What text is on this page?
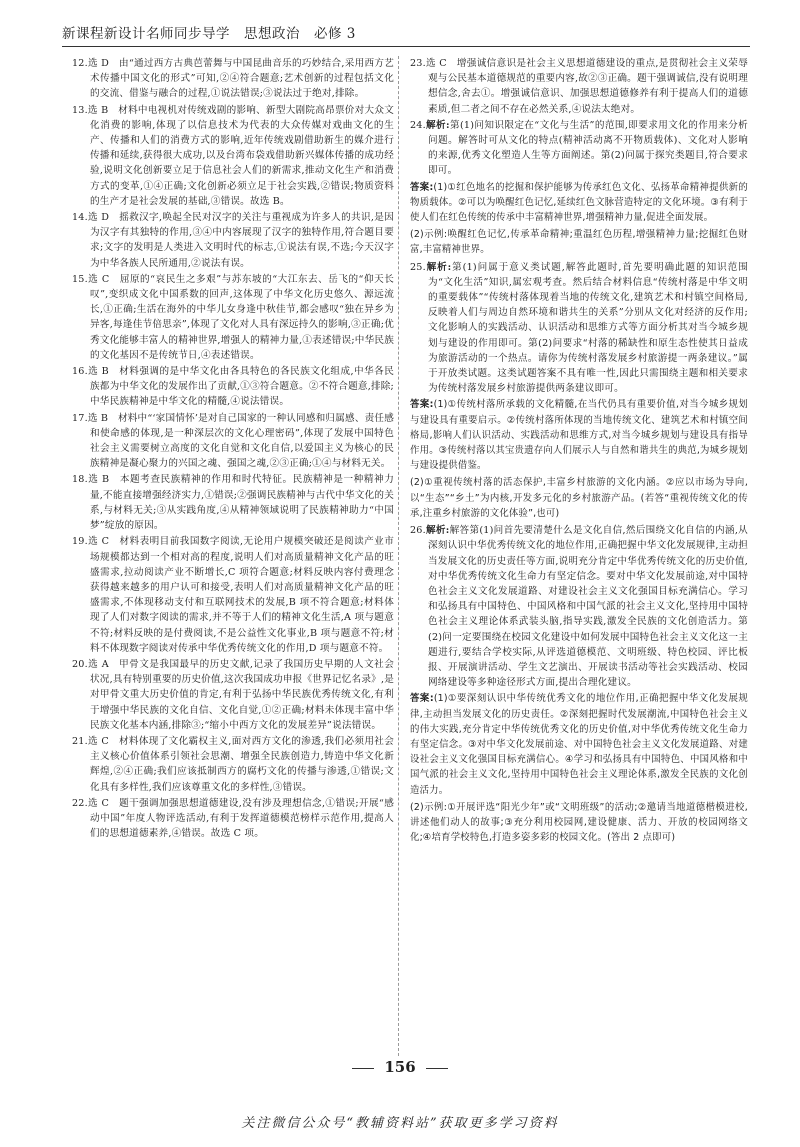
新课程新设计名师同步导学　思想政治　必修 3

12.选 D　由“通过西方古典芭蕾舞与中国昆曲音乐的巧妙结合,采用西方艺术传播中国文化的形式”可知,②④符合题意;艺术创新的过程包括文化的交流、借鉴与融合的过程,①说法错误;③说法过于绝对,排除。

13.选 B　材料中电视机对传统戏剧的影响、新型大剧院高昂票价对大众文化消费的影响,体现了以信息技术为代表的大众传媒对戏曲文化的生产、传播和人们的消费方式的影响,近年传统戏剧借助新生的媒介进行传播和延续,获得很大成功,以及台湾布袋戏借助新兴媒体传播的成功经验,说明文化创新要立足于信息社会人们的新需求,推动文化生产和消费方式的变革,①④正确;文化创新必须立足于社会实践,②错误;物质资料的生产才是社会发展的基础,③错误。故选 B。

14.选 D　摇救汉字,唤起全民对汉字的关注与重视成为许多人的共识,是因为汉字有其独特的作用,③④中内容展现了汉字的独特作用,符合题目要求;文字的发明是人类进入文明时代的标志,①说法有误,不选;今天汉字为中华各族人民所通用,②说法有误。

15.选 C　屈原的“哀民生之多艰”与苏东坡的“大江东去、岳飞的“仰天长叹”,变织成文化中国系数的回声,这体现了中华文化历史悠久、源远流长,①正确;生活在海外的中华儿女身逢中秋佳节,都会感叹“独在异乡为异客,每逢佳节倍思亲”,体现了文化对人具有深远持久的影响,③正确;优秀文化能够丰富人的精神世界,增强人的精神力量,①表述错误;中华民族的文化基因不是传统节日,④表述错误。

16.选 B　材料强调的是中华文化由各具特色的各民族文化组成,中华各民族都为中华文化的发展作出了贡献,①③符合题意。②不符合题意,排除;中华民族精神是中华文化的精髓,④说法错误。

17.选 B　材料中“‘家国情怀’是对自己国家的一种认同感和归属感、责任感和使命感的体现,是一种深层次的文化心理密码”,体现了发展中国特色社会主义需要树立高度的文化自觉和文化自信,以爱国主义为核心的民族精神是凝心聚力的兴国之魂、强国之魂,②③正确;①④与材料无关。

18.选 B　本题考查民族精神的作用和时代特征。民族精神是一种精神力量,不能直接增强经济实力,①错误;②强调民族精神与古代中华文化的关系,与材料无关;③从实践角度,④从精神领域说明了民族精神助力“中国梦”绽放的原因。

19.选 C　材料表明目前我国数字阅读,无论用户规模突破还是阅读产业市场规模都达到一个相对高的程度,说明人们对高质量精神文化产品的旺盛需求,拉动阅读产业不断增长,C 项符合题意;材料反映内容付费理念获得越来越多的用户认可和接受,表明人们对高质量精神文化产品的旺盛需求,不体现移动支付和互联网技术的发展,B 项不符合题意;材料体现了人们对数字阅读的需求,并不等于人们的精神文化生活,A 项与题意不符;材料反映的是付费阅读,不是公益性文化事业,B 项与题意不符;材料不体现数字阅读对传承中华优秀传统文化的作用,D 项与题意不符。

20.选 A　甲骨文是我国最早的历史文献,记录了我国历史早期的人文社会状况,具有特别重要的历史价值,这次我国成功申报《世界记忆名录》,是对甲骨文重大历史价值的肯定,有利于弘扬中华民族优秀传统文化,有利于增强中华民族的文化自信、文化自觉,①②正确;材料未体现丰富中华民族文化基本内涵,排除③;“缩小中西方文化的发展差异”说法错误。

21.选 C　材料体现了文化霸权主义,面对西方文化的渗透,我们必须用社会主义核心价值体系引领社会思潮、增强全民族创造力,铸造中华文化新辉煌,②④正确;我们应该抵制西方的腐朽文化的传播与渗透,①错误;文化具有多样性,我们应该尊重文化的多样性,③错误。

22.选 C　题干强调加强思想道德建设,没有涉及理想信念,①错误;开展“感动中国”年度人物评选活动,有利于发挥道德模范榜样示范作用,提高人们的思想道德素养,④错误。故选 C 项。

23.选 C　增强诚信意识是社会主义思想道德建设的重点,是贯彻社会主义荣辱观与公民基本道德规范的重要内容,故②③正确。题干强调诚信,没有说明理想信念,舍去①。增强诚信意识、加强思想道德修养有利于提高人们的道德素质,但二者之间不存在必然关系,④说法太绝对。

24.解析:第(1)问知识限定在“文化与生活”的范围,即要求用文化的作用来分析问题。解答时可从文化的特点(精神活动离不开物质载体)、文化对人影响的来源,优秀文化塑造人生等方面阐述。第(2)问属于探究类题目,符合要求即可。

答案:(1)①红色地名的挖掘和保护能够为传承红色文化、弘扬革命精神提供新的物质载体。②可以为唤醒红色记忆,延续红色文脉营造特定的文化环境。③有利于使人们在红色传统的传承中丰富精神世界,增强精神力量,促进全面发展。

(2)示例:唤醒红色记忆,传承革命精神;重温红色历程,增强精神力量;挖掘红色财富,丰富精神世界。

25.解析:第(1)问属于意义类试题,解答此题时,首先要明确此题的知识范围为“文化生活”知识,属宏观考查。然后结合材料信息“传统村落是中华文明的重要载体”“传统村落体现着当地的传统文化,建筑艺术和村镇空间格局,反映着人们与周边自然环境和谐共生的关系”分别从文化对经济的反作用;文化影响人的实践活动、认识活动和思维方式等方面分析其对当今城乡规划与建设的作用即可。第(2)问要求“村落的稀缺性和原生态性使其日益成为旅游活动的一个热点。请你为传统村落发展乡村旅游提一两条建议。”属于开放类试题。这类试题答案不具有唯一性,因此只需围绕主题和相关要求为传统村落发展乡村旅游提供两条建议即可。

答案:(1)①传统村落所承载的文化精髓,在当代仍具有重要价值,对当今城乡规划与建设具有重要启示。②传统村落所体现的当地传统文化、建筑艺术和村镇空间格局,影响人们认识活动、实践活动和思维方式,对当今城乡规划与建设具有指导作用。③传统村落以其宝贵遗存向人们展示人与自然和谐共生的典范,为城乡规划与建设提供借鉴。

(2)①重视传统村落的活态保护,丰富乡村旅游的文化内涵。②应以市场为导向,以“生态”“乡土”为内核,开发多元化的乡村旅游产品。(若答“重视传统文化的传承,注重乡村旅游的文化体验”,也可)

26.解析:解答第(1)问首先要清楚什么是文化自信,然后围绕文化自信的内涵,从深刻认识中华优秀传统文化的地位作用,正确把握中华文化发展规律,主动担当发展文化的历史责任等方面,说明充分肯定中华优秀传统文化的历史价值,对中华优秀传统文化生命力有坚定信念。要对中华文化发展前途,对中国特色社会主义文化发展道路、对建设社会主义文化强国目标充满信心。学习和弘扬具有中国特色、中国风格和中国气派的社会主义文化,坚持用中国特色社会主义理论体系武装头脑,指导实践,激发全民族的文化创造活力。第(2)问一定要围绕在校园文化建设中如何发展中国特色社会主义文化这一主题进行,要结合学校实际,从评选道德模范、文明班级、特色校园、评比板报、开展演讲活动、学生文艺演出、开展读书活动等社会实践活动、校园网络建设等多种途径形式方面,提出合理化建议。

答案:(1)①要深刻认识中华传统优秀文化的地位作用,正确把握中华文化发展规律,主动担当发展文化的历史责任。②深刻把握时代发展潮流,中国特色社会主义的伟大实践,充分肯定中华传统优秀文化的历史价值,对中华优秀传统文化生命力有坚定信念。③对中华文化发展前途、对中国特色社会主义文化发展道路、对建设社会主义文化强国目标充满信心。④学习和弘扬具有中国特色、中国风格和中国气派的社会主义文化,坚持用中国特色社会主义理论体系,激发全民族的文化创造活力。

(2)示例:①开展评选“阳光少年”或“文明班级”的活动;②邀请当地道德楷模进校,讲述他们动人的故事;③充分利用校园网,建设健康、活力、开放的校园网络文化;④培育学校特色,打造多姿多彩的校园文化。(答出 2 点即可)

156
关注微信公众号“教辅资料站”获取更多学习资料
